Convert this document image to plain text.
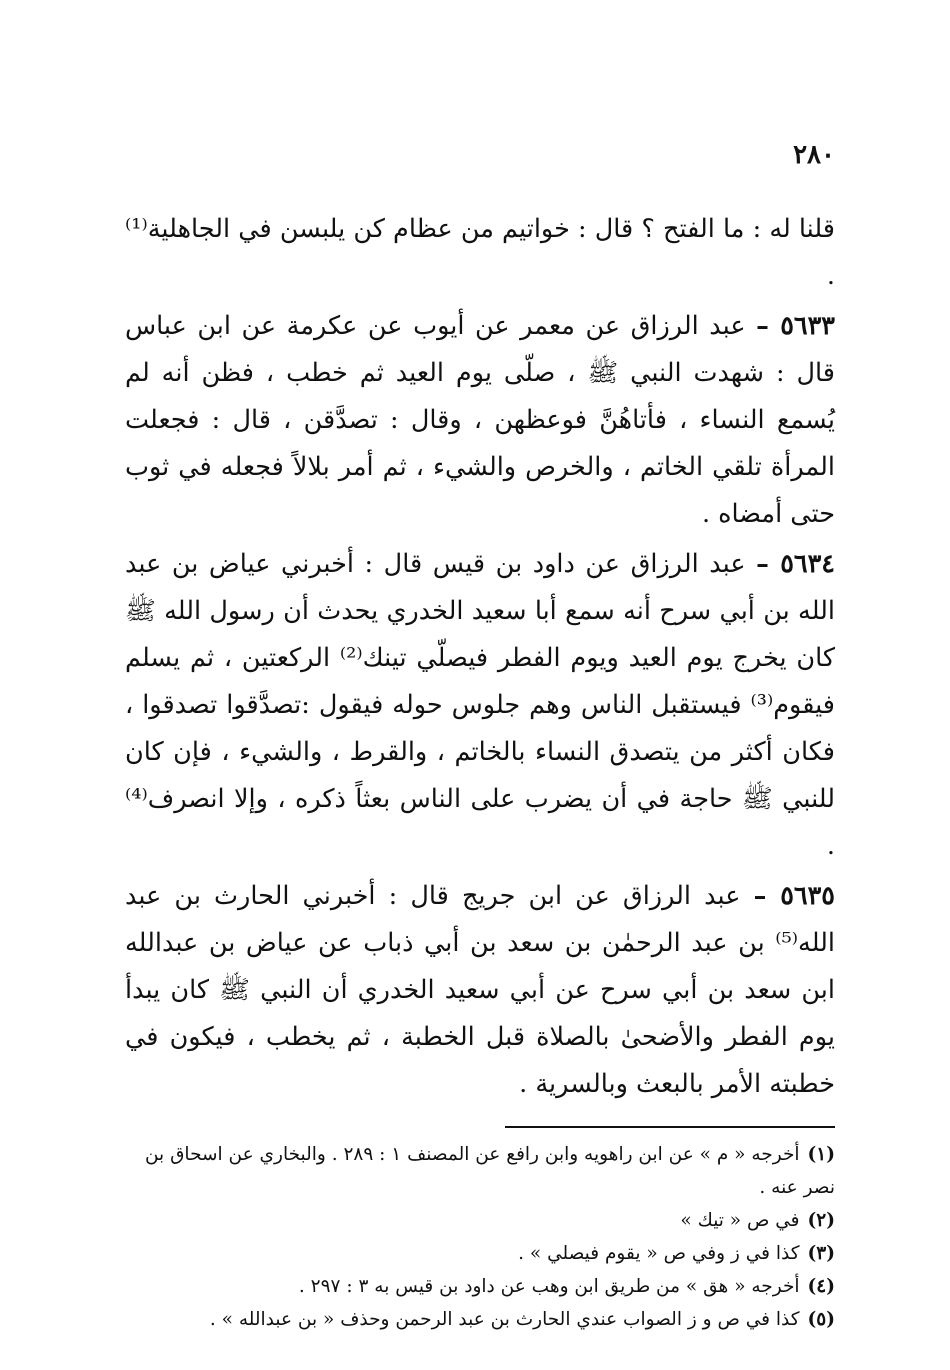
٢٨٠

قلنا له : ما الفتح ؟ قال : خواتيم من عظام كن يلبسن في الجاهلية⁽¹⁾ .

٥٦٣٣ – عبد الرزاق عن معمر عن أيوب عن عكرمة عن ابن عباس قال : شهدت النبي ﷺ ، صلّى يوم العيد ثم خطب ، فظن أنه لم يُسمع النساء ، فأتاهُنَّ فوعظهن ، وقال : تصدَّقن ، قال : فجعلت المرأة تلقي الخاتم ، والخرص والشيء ، ثم أمر بلالاً فجعله في ثوب حتى أمضاه .

٥٦٣٤ – عبد الرزاق عن داود بن قيس قال : أخبرني عياض بن عبد الله بن أبي سرح أنه سمع أبا سعيد الخدري يحدث أن رسول الله ﷺ كان يخرج يوم العيد ويوم الفطر فيصلّي تينك⁽²⁾ الركعتين ، ثم يسلم فيقوم⁽³⁾ فيستقبل الناس وهم جلوس حوله فيقول :تصدَّقوا تصدقوا ، فكان أكثر من يتصدق النساء بالخاتم ، والقرط ، والشيء ، فإن كان للنبي ﷺ حاجة في أن يضرب على الناس بعثاً ذكره ، وإلا انصرف⁽⁴⁾ .

٥٦٣٥ – عبد الرزاق عن ابن جريج قال : أخبرني الحارث بن عبد الله⁽⁵⁾ بن عبد الرحمٰن بن سعد بن أبي ذباب عن عياض بن عبدالله ابن سعد بن أبي سرح عن أبي سعيد الخدري أن النبي ﷺ كان يبدأ يوم الفطر والأضحىٰ بالصلاة قبل الخطبة ، ثم يخطب ، فيكون في خطبته الأمر بالبعث وبالسرية .

(١)أخرجه « م » عن ابن راهويه وابن رافع عن المصنف ١ : ٢٨٩ . والبخاري عن اسحاق بن نصر عنه .

(٢)في ص « تيك »

(٣)كذا في ز وفي ص « يقوم فيصلي » .

(٤)أخرجه « هق » من طريق ابن وهب عن داود بن قيس به ٣ : ٢٩٧ .

(٥)كذا في ص و ز الصواب عندي الحارث بن عبد الرحمن وحذف « بن عبدالله » .
